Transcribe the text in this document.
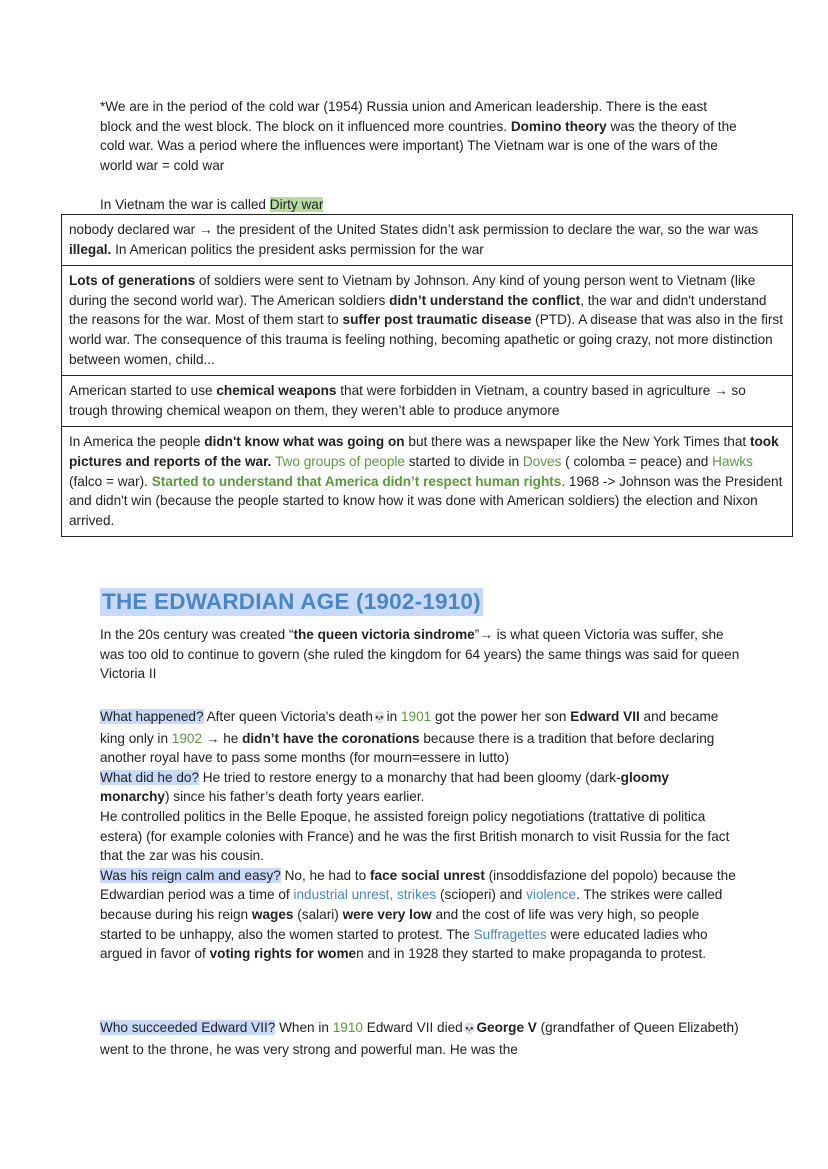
*We are in the period of the cold war (1954) Russia union and American leadership. There is the east block and the west block. The block on it influenced more countries. Domino theory was the theory of the cold war. Was a period where the influences were important) The Vietnam war is one of the wars of the world war = cold war
In Vietnam the war is called Dirty war
nobody declared war → the president of the United States didn’t ask permission to declare the war, so the war was illegal. In American politics the president asks permission for the war
Lots of generations of soldiers were sent to Vietnam by Johnson. Any kind of young person went to Vietnam (like during the second world war). The American soldiers didn’t understand the conflict, the war and didn't understand the reasons for the war. Most of them start to suffer post traumatic disease (PTD). A disease that was also in the first world war. The consequence of this trauma is feeling nothing, becoming apathetic or going crazy, not more distinction between women, child...
American started to use chemical weapons that were forbidden in Vietnam, a country based in agriculture → so trough throwing chemical weapon on them, they weren’t able to produce anymore
In America the people didn't know what was going on but there was a newspaper like the New York Times that took pictures and reports of the war. Two groups of people started to divide in Doves ( colomba = peace) and Hawks (falco = war). Started to understand that America didn’t respect human rights. 1968 -> Johnson was the President and didn't win (because the people started to know how it was done with American soldiers) the election and Nixon arrived.
THE EDWARDIAN AGE (1902-1910)
In the 20s century was created “the queen victoria sindrome”→ is what queen Victoria was suffer, she was too old to continue to govern (she ruled the kingdom for 64 years) the same things was said for queen Victoria II
What happened? After queen Victoria's death💀in 1901 got the power her son Edward VII and became king only in 1902 → he didn’t have the coronations because there is a tradition that before declaring another royal have to pass some months (for mourn=essere in lutto)
What did he do? He tried to restore energy to a monarchy that had been gloomy (dark-gloomy monarchy) since his father’s death forty years earlier.
He controlled politics in the Belle Epoque, he assisted foreign policy negotiations (trattative di politica estera) (for example colonies with France) and he was the first British monarch to visit Russia for the fact that the zar was his cousin.
Was his reign calm and easy? No, he had to face social unrest (insoddisfazione del popolo) because the Edwardian period was a time of industrial unrest, strikes (scioperi) and violence. The strikes were called because during his reign wages (salari) were very low and the cost of life was very high, so people started to be unhappy, also the women started to protest. The Suffragettes were educated ladies who argued in favor of voting rights for women and in 1928 they started to make propaganda to protest.
Who succeeded Edward VII? When in 1910 Edward VII died💀George V (grandfather of Queen Elizabeth) went to the throne, he was very strong and powerful man. He was the
